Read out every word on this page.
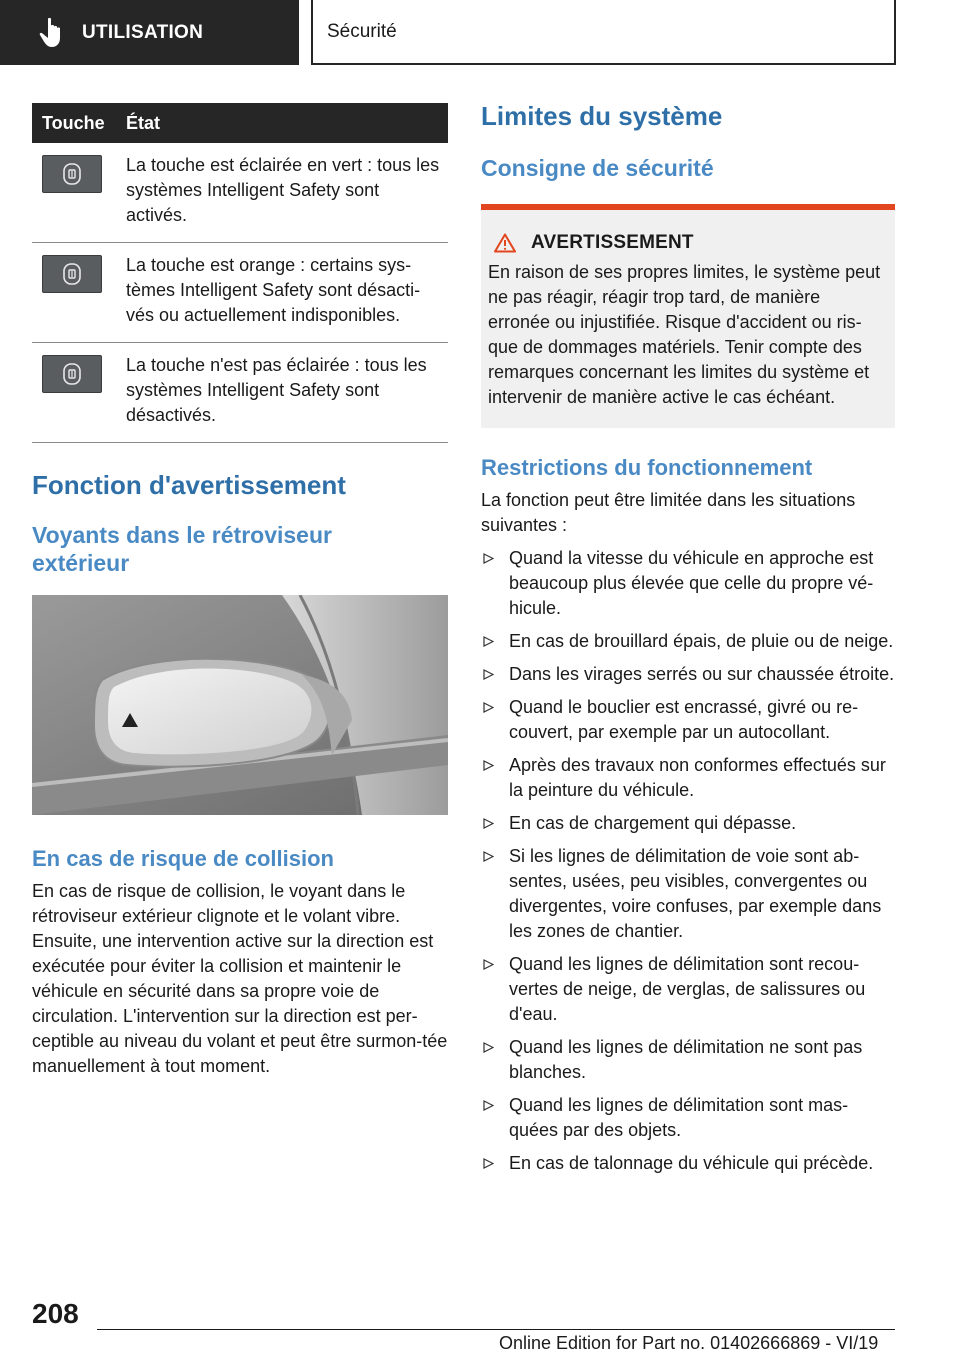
UTILISATION	Sécurité
Touche	État

	La touche est éclairée en vert : tous les systèmes Intelligent Safety sont activés.

	La touche est orange : certains sys-tèmes Intelligent Safety sont désacti-vés ou actuellement indisponibles.

	La touche n'est pas éclairée : tous les systèmes Intelligent Safety sont désactivés.
Fonction d'avertissement
Voyants dans le rétroviseur extérieur
En cas de risque de collision

En cas de risque de collision, le voyant dans le rétroviseur extérieur clignote et le volant vibre. Ensuite, une intervention active sur la direction est exécutée pour éviter la collision et maintenir le véhicule en sécurité dans sa propre voie de circulation. L'intervention sur la direction est per-ceptible au niveau du volant et peut être surmon-tée manuellement à tout moment.

Limites du système
Consigne de sécurité
AVERTISSEMENT

En raison de ses propres limites, le système peut ne pas réagir, réagir trop tard, de manière erronée ou injustifiée. Risque d'accident ou ris-que de dommages matériels. Tenir compte des remarques concernant les limites du système et intervenir de manière active le cas échéant.

Restrictions du fonctionnement

La fonction peut être limitée dans les situations suivantes :

Quand la vitesse du véhicule en approche est beaucoup plus élevée que celle du propre vé-hicule.
En cas de brouillard épais, de pluie ou de neige.
Dans les virages serrés ou sur chaussée étroite.
Quand le bouclier est encrassé, givré ou re-couvert, par exemple par un autocollant.
Après des travaux non conformes effectués sur la peinture du véhicule.
En cas de chargement qui dépasse.
Si les lignes de délimitation de voie sont ab-sentes, usées, peu visibles, convergentes ou divergentes, voire confuses, par exemple dans les zones de chantier.
Quand les lignes de délimitation sont recou-vertes de neige, de verglas, de salissures ou d'eau.
Quand les lignes de délimitation ne sont pas blanches.
Quand les lignes de délimitation sont mas-quées par des objets.
En cas de talonnage du véhicule qui précède.
208
Online Edition for Part no. 01402666869 - VI/19
